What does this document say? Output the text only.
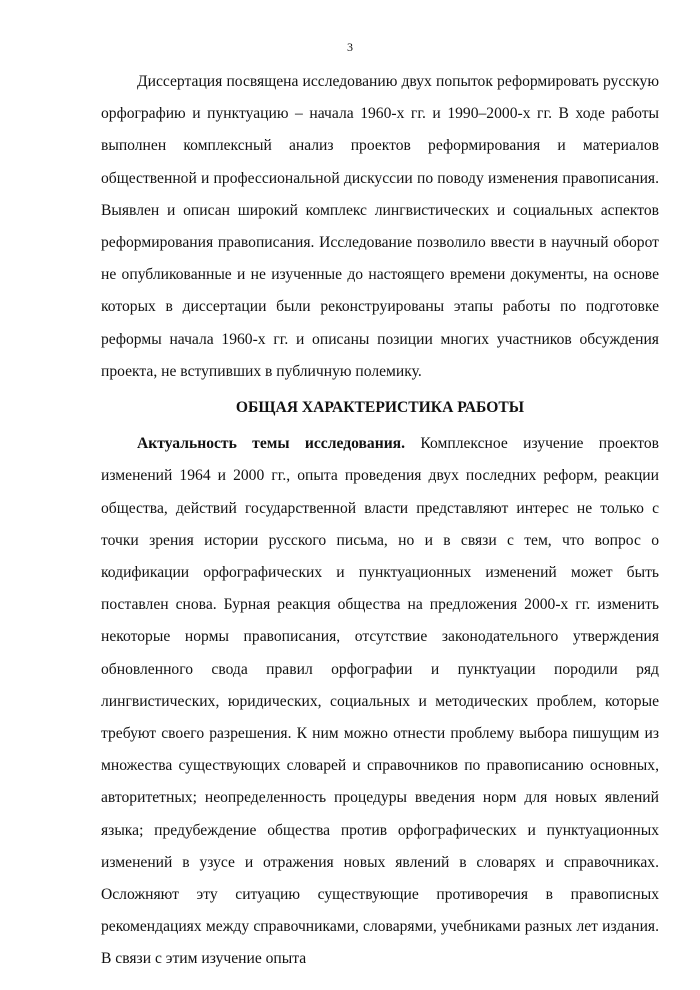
3

Диссертация посвящена исследованию двух попыток реформировать русскую орфографию и пунктуацию – начала 1960-х гг. и 1990–2000-х гг. В ходе работы выполнен комплексный анализ проектов реформирования и материалов общественной и профессиональной дискуссии по поводу изменения правописания. Выявлен и описан широкий комплекс лингвистических и социальных аспектов реформирования правописания. Исследование позволило ввести в научный оборот не опубликованные и не изученные до настоящего времени документы, на основе которых в диссертации были реконструированы этапы работы по подготовке реформы начала 1960-х гг. и описаны позиции многих участников обсуждения проекта, не вступивших в публичную полемику.

ОБЩАЯ ХАРАКТЕРИСТИКА РАБОТЫ

Актуальность темы исследования. Комплексное изучение проектов изменений 1964 и 2000 гг., опыта проведения двух последних реформ, реакции общества, действий государственной власти представляют интерес не только с точки зрения истории русского письма, но и в связи с тем, что вопрос о кодификации орфографических и пунктуационных изменений может быть поставлен снова. Бурная реакция общества на предложения 2000-х гг. изменить некоторые нормы правописания, отсутствие законодательного утверждения обновленного свода правил орфографии и пунктуации породили ряд лингвистических, юридических, социальных и методических проблем, которые требуют своего разрешения. К ним можно отнести проблему выбора пишущим из множества существующих словарей и справочников по правописанию основных, авторитетных; неопределенность процедуры введения норм для новых явлений языка; предубеждение общества против орфографических и пунктуационных изменений в узусе и отражения новых явлений в словарях и справочниках. Осложняют эту ситуацию существующие противоречия в правописных рекомендациях между справочниками, словарями, учебниками разных лет издания. В связи с этим изучение опыта
